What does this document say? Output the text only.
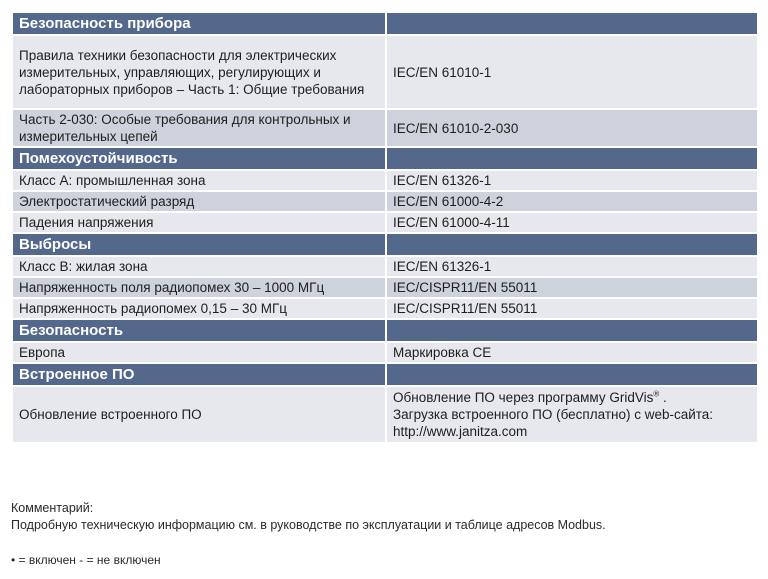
Безопасность прибора	
Правила техники безопасности для электрических измерительных, управляющих, регулирующих и лабораторных приборов – Часть 1: Общие требования	IEC/EN 61010-1
Часть 2-030: Особые требования для контрольных и измерительных цепей	IEC/EN 61010-2-030
Помехоустойчивость	
Класс А: промышленная зона	IEC/EN 61326-1
Электростатический разряд	IEC/EN 61000-4-2
Падения напряжения	IEC/EN 61000-4-11
Выбросы	
Класс В: жилая зона	IEC/EN 61326-1
Напряженность поля радиопомех 30 – 1000 МГц	IEC/CISPR11/EN 55011
Напряженность радиопомех 0,15 – 30 МГц	IEC/CISPR11/EN 55011
Безопасность	
Европа	Маркировка CE
Встроенное ПО	
Обновление встроенного ПО	Обновление ПО через программу GridVis® .
Загрузка встроенного ПО (бесплатно) с web-сайта: http://www.janitza.com
Комментарий:
Подробную техническую информацию см. в руководстве по эксплуатации и таблице адресов Modbus.
• = включен - = не включен
